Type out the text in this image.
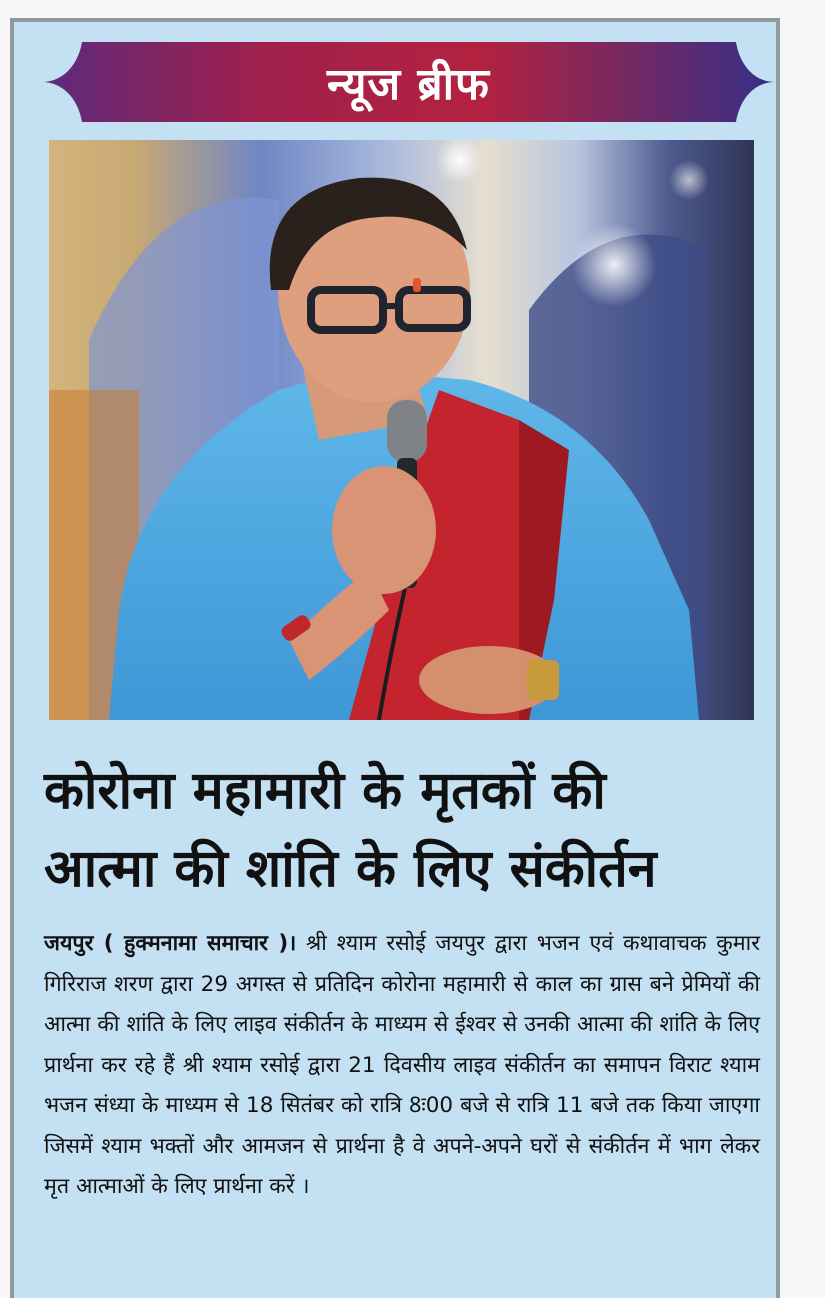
न्यूज ब्रीफ
कोरोना महामारी के मृतकों की
आत्मा की शांति के लिए संकीर्तन
जयपुर ( हुक्मनामा समाचार )। श्री श्याम रसोई जयपुर द्वारा भजन एवं कथावाचक कुमार गिरिराज शरण द्वारा 29 अगस्त से प्रतिदिन कोरोना महामारी से काल का ग्रास बने प्रेमियों की आत्मा की शांति के लिए लाइव संकीर्तन के माध्यम से ईश्वर से उनकी आत्मा की शांति के लिए प्रार्थना कर रहे हैं श्री श्याम रसोई द्वारा 21 दिवसीय लाइव संकीर्तन का समापन विराट श्याम भजन संध्या के माध्यम से 18 सितंबर को रात्रि 8ः00 बजे से रात्रि 11 बजे तक किया जाएगा जिसमें श्याम भक्तों और आमजन से प्रार्थना है वे अपने-अपने घरों से संकीर्तन में भाग लेकर मृत आत्माओं के लिए प्रार्थना करें ।
